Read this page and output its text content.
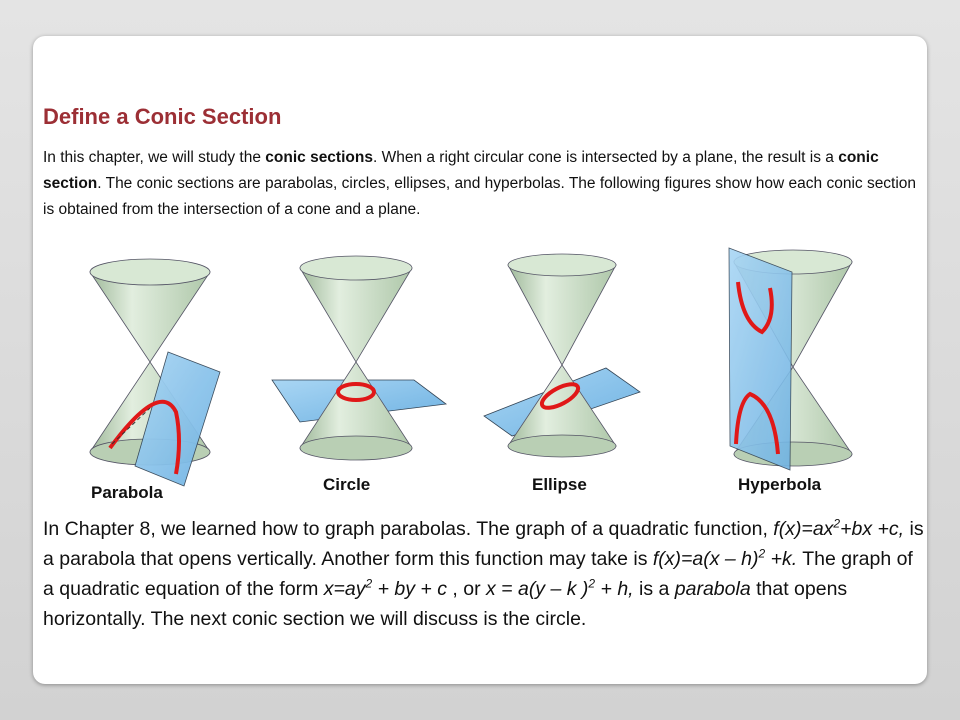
Define a Conic Section

In this chapter, we will study the conic sections. When a right circular cone is intersected by a plane, the result is a conic section. The conic sections are parabolas, circles, ellipses, and hyperbolas. The following figures show how each conic section is obtained from the intersection of a cone and a plane.

Parabola	Circle	Ellipse	Hyperbola

In Chapter 8, we learned how to graph parabolas. The graph of a quadratic function, $f(x)=ax^2+bx +c$, is a parabola that opens vertically. Another form this function may take is f(x)=a(x – h)$^2$ +k. The graph of a quadratic equation of the form $x=ay^2$ + by + c , or x = a(y – k )$^2$ + h, is a parabola that opens horizontally. The next conic section we will discuss is the circle.
